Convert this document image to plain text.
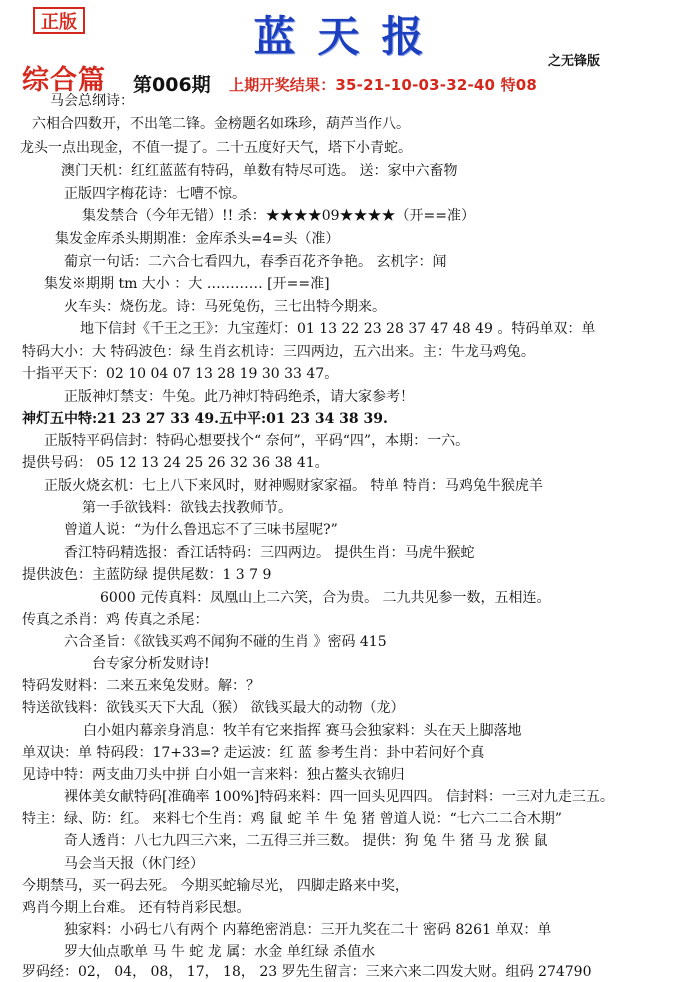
正版	蓝天报
之无锋版
综合篇 第006期 上期开奖结果：35-21-10-03-32-40 特08
马会总纲诗：
六相合四数开，不出笔二锋。金榜题名如珠珍，葫芦当作八。
龙头一点出现金，不值一提了。二十五度好天气，塔下小青蛇。
澳门天机：红红蓝蓝有特码，单数有特尽可选。 送：家中六畜物
正版四字梅花诗：七嘈不惊。
集发禁合（今年无错）!! 杀：★★★★09★★★★（开==准）
集发金库杀头期期准：金库杀头=4=头（准）
葡京一句话：二六合七看四九，春季百花齐争艳。 玄机字：闻
集发※期期 tm 大小 ：大 ………… [开==准]
火车头：烧伤龙。诗：马死兔伤，三七出特今期来。
地下信封《千王之王》：九宝莲灯：01 13 22 23 28 37 47 48 49 。特码单双：单
特码大小：大 特码波色：绿 生肖玄机诗：三四两边，五六出来。主：牛龙马鸡兔。
十指平天下：02 10 04 07 13 28 19 30 33 47。
正版神灯禁支：牛兔。此乃神灯特码绝杀，请大家参考！
神灯五中特:21 23 27 33 49.五中平:01 23 34 38 39.
正版特平码信封：特码心想要找个“ 奈何”，平码“四”，本期：一六。
提供号码： 05 12 13 24 25 26 32 36 38 41。
正版火烧玄机：七上八下来风时，财神赐财家家福。 特单 特肖：马鸡兔牛猴虎羊
第一手欲钱料：欲钱去找教师节。
曾道人说：“为什么鲁迅忘不了三味书屋呢?”
香江特码精选报：香江话特码：三四两边。 提供生肖：马虎牛猴蛇
提供波色：主蓝防绿 提供尾数：1 3 7 9
6000 元传真料：凤凰山上二六笑，合为贵。 二九共见参一数，五相连。
传真之杀肖：鸡 传真之杀尾：
六合圣旨：《欲钱买鸡不闻狗不碰的生肖 》密码 415
台专家分析发财诗!
特码发财料：二来五来兔发财。解：？
特送欲钱料：欲钱买天下大乱（猴） 欲钱买最大的动物（龙）
白小姐内幕亲身消息：牧羊有它来指挥 赛马会独家料：头在天上脚落地
单双诀：单 特码段：17+33=? 走运波：红 蓝 参考生肖：卦中若问好个真
见诗中特：两支曲刀头中拼 白小姐一言来料：独占鳌头衣锦归
裸体美女献特码[准确率 100%]特码来料：四一回头见四四。 信封料：一三对九走三五。
特主：绿、防：红。 来料七个生肖：鸡 鼠 蛇 羊 牛 兔 猪 曾道人说：“七六二二合木期”
奇人透肖：八七九四三六来，二五得三并三数。 提供：狗 兔 牛 猪 马 龙 猴 鼠
马会当天报（休门经）
今期禁马，买一码去死。 今期买蛇输尽光， 四脚走路来中奖，
鸡肖今期上台难。 还有特肖彩民想。
独家料：小码七八有两个 内幕绝密消息：三开九奖在二十 密码 8261 单双：单
罗大仙点歌单 马 牛 蛇 龙 属：水金 单红绿 杀值水
罗码经：02， 04， 08， 17， 18， 23 罗先生留言：三来六来二四发大财。组码 274790
